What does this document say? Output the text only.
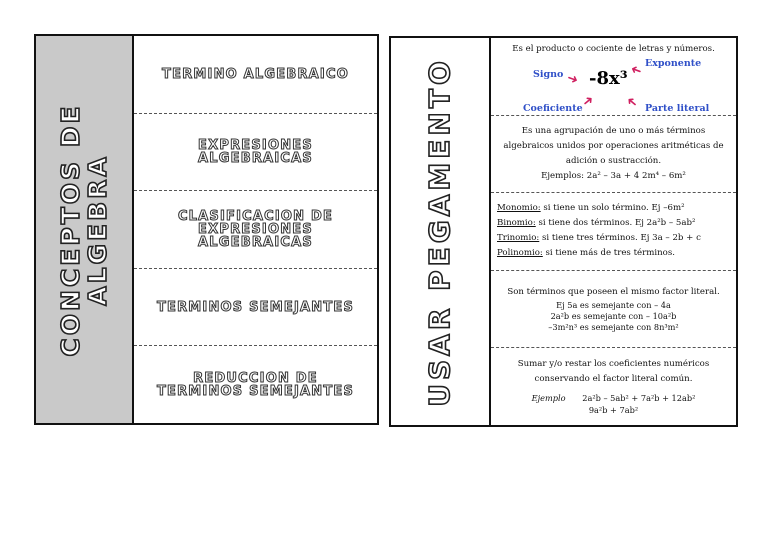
CONCEPTOS DE
ALGEBRA
TERMINO ALGEBRAICO
EXPRESIONES
ALGEBRAICAS
CLASIFICACION DE
EXPRESIONES
ALGEBRAICAS
TERMINOS SEMEJANTES
REDUCCION DE
TERMINOS SEMEJANTES USAR PEGAMENTO
Es el producto o cociente de letras y números.
Signo ➜ -8x³ ➜ Exponente
Coeficiente
➜ ➜ Parte literal
Es una agrupación de uno o más términos
algebraicos unidos por operaciones aritméticas de
adición o sustracción.
Ejemplos: 2a² – 3a + 4 2m⁴ – 6m²
Monomio: si tiene un solo término. Ej –6m²
Binomio: si tiene dos términos. Ej 2a²b – 5ab²
Trinomio: si tiene tres términos. Ej 3a – 2b + c
Polinomio: si tiene más de tres términos.
Son términos que poseen el mismo factor literal.
Ej 5a es semejante con – 4a
2a²b es semejante con – 10a²b
–3m²n³ es semejante con 8n³m²
Sumar y/o restar los coeficientes numéricos
conservando el factor literal común.
Ejemplo 2a²b – 5ab² + 7a²b + 12ab²
9a²b + 7ab²
